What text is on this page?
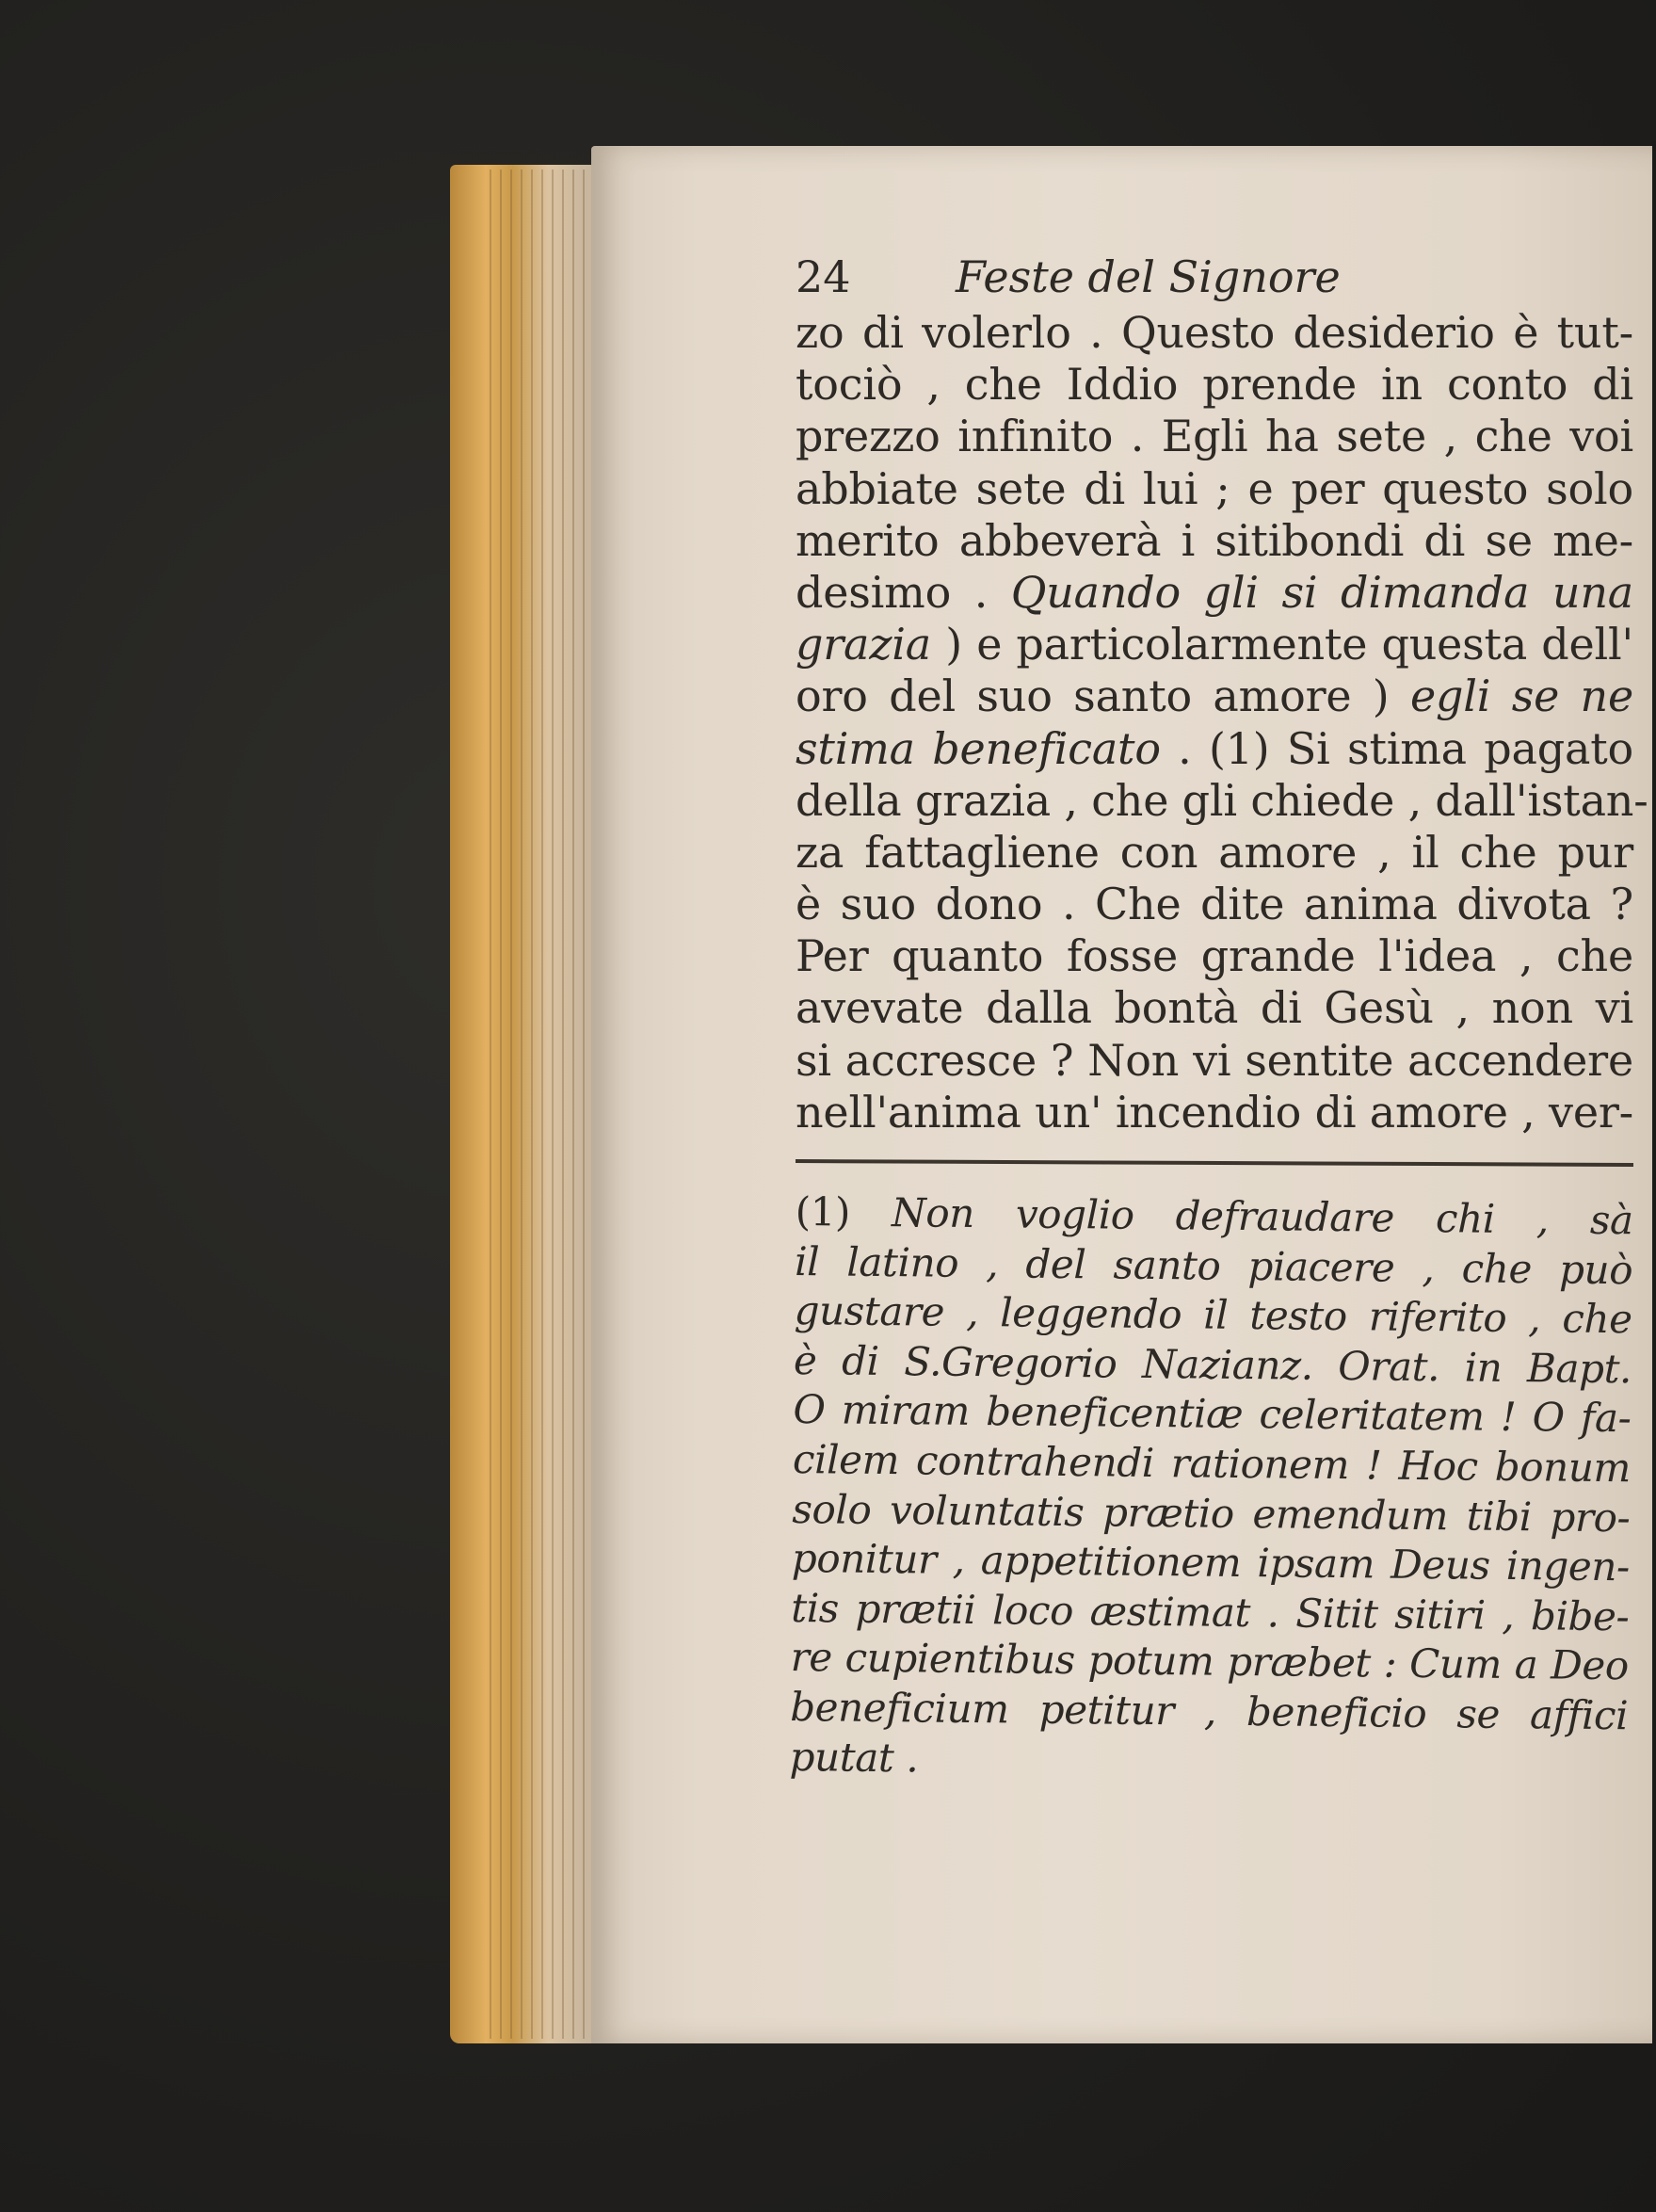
24	Feste del Signore
zo di volerlo . Questo desiderio è tut-
tociò , che Iddio prende in conto di
prezzo infinito . Egli ha sete , che voi
abbiate sete di lui ; e per questo solo
merito abbeverà i sitibondi di se me-
desimo . Quando gli si dimanda una
grazia ) e particolarmente questa dell'
oro del suo santo amore ) egli se ne
stima beneficato . (1) Si stima pagato
della grazia , che gli chiede , dall'istan-
za fattagliene con amore , il che pur
è suo dono . Che dite anima divota ?
Per quanto fosse grande l'idea , che
avevate dalla bontà di Gesù , non vi
si accresce ? Non vi sentite accendere
nell'anima un' incendio di amore , ver-
(1) Non voglio defraudare chi , sà
il latino , del santo piacere , che può
gustare , leggendo il testo riferito , che
è di S.Gregorio Nazianz. Orat. in Bapt.
O miram beneficentiæ celeritatem ! O fa-
cilem contrahendi rationem ! Hoc bonum
solo voluntatis prætio emendum tibi pro-
ponitur , appetitionem ipsam Deus ingen-
tis prætii loco æstimat . Sitit sitiri , bibe-
re cupientibus potum præbet : Cum a Deo
beneficium petitur , beneficio se affici
putat .
